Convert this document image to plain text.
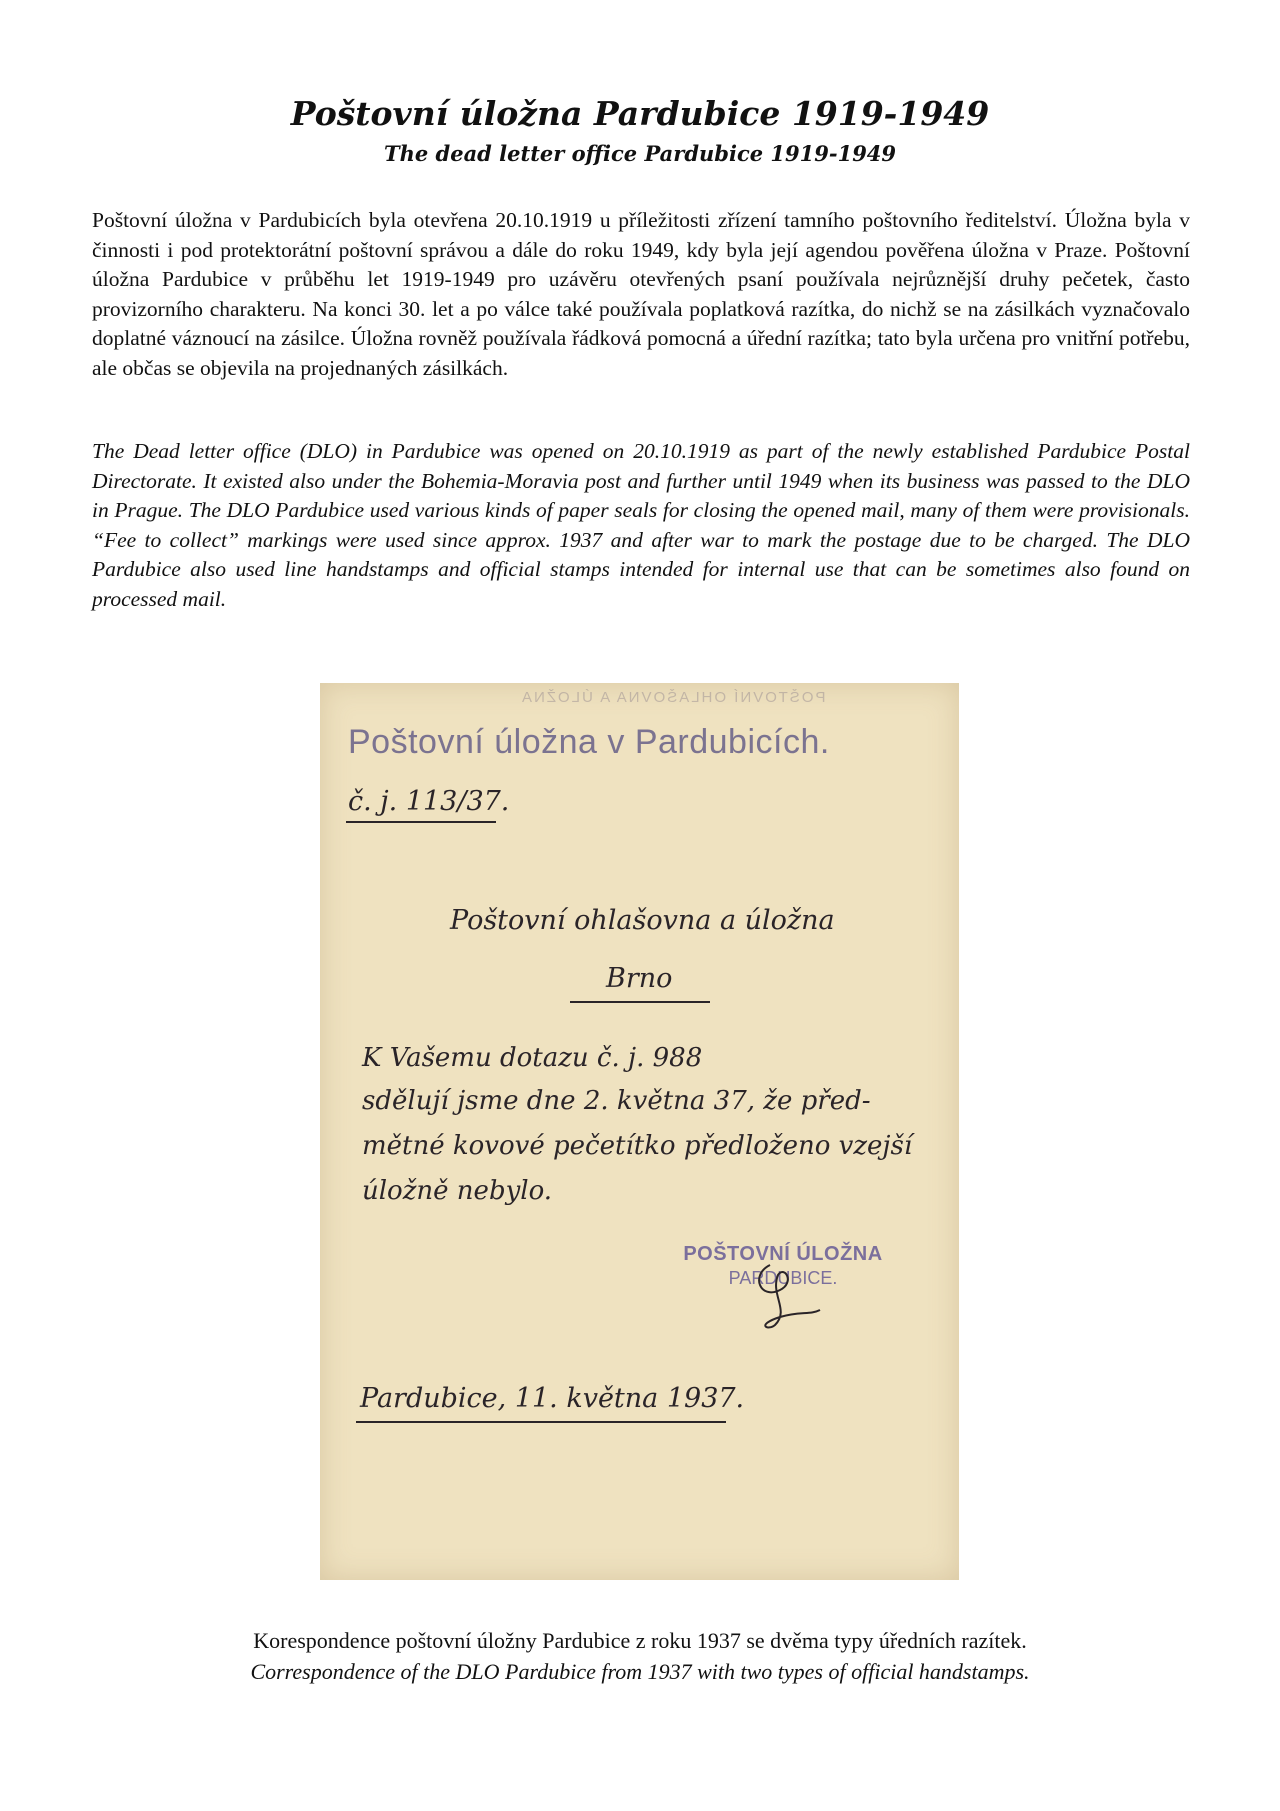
Poštovní úložna Pardubice 1919-1949
The dead letter office Pardubice 1919-1949

Poštovní úložna v Pardubicích byla otevřena 20.10.1919 u příležitosti zřízení tamního poštovního ředitelství. Úložna byla v činnosti i pod protektorátní poštovní správou a dále do roku 1949, kdy byla její agendou pověřena úložna v Praze. Poštovní úložna Pardubice v průběhu let 1919-1949 pro uzávěru otevřených psaní používala nejrůznější druhy pečetek, často provizorního charakteru. Na konci 30. let a po válce také používala poplatková razítka, do nichž se na zásilkách vyznačovalo doplatné váznoucí na zásilce. Úložna rovněž používala řádková pomocná a úřední razítka; tato byla určena pro vnitřní potřebu, ale občas se objevila na projednaných zásilkách.

The Dead letter office (DLO) in Pardubice was opened on 20.10.1919 as part of the newly established Pardubice Postal Directorate. It existed also under the Bohemia-Moravia post and further until 1949 when its business was passed to the DLO in Prague. The DLO Pardubice used various kinds of paper seals for closing the opened mail, many of them were provisionals. “Fee to collect” markings were used since approx. 1937 and after war to mark the postage due to be charged. The DLO Pardubice also used line handstamps and official stamps intended for internal use that can be sometimes also found on processed mail.

POŠTOVNÍ OHLAŠOVNA A ÚLOŽNA
Poštovní úložna v Pardubicích.
č. j. 113/37.
Poštovní ohlašovna a úložna
Brno
K Vašemu dotazu č. j. 988
sdělují jsme dne 2. května 37, že před-
mětné kovové pečetítko předloženo vzejší
úložně nebylo.
POŠTOVNÍ ÚLOŽNA
PARDUBICE.
Pardubice, 11. května 1937.
Korespondence poštovní úložny Pardubice z roku 1937 se dvěma typy úředních razítek.
Correspondence of the DLO Pardubice from 1937 with two types of official handstamps.
